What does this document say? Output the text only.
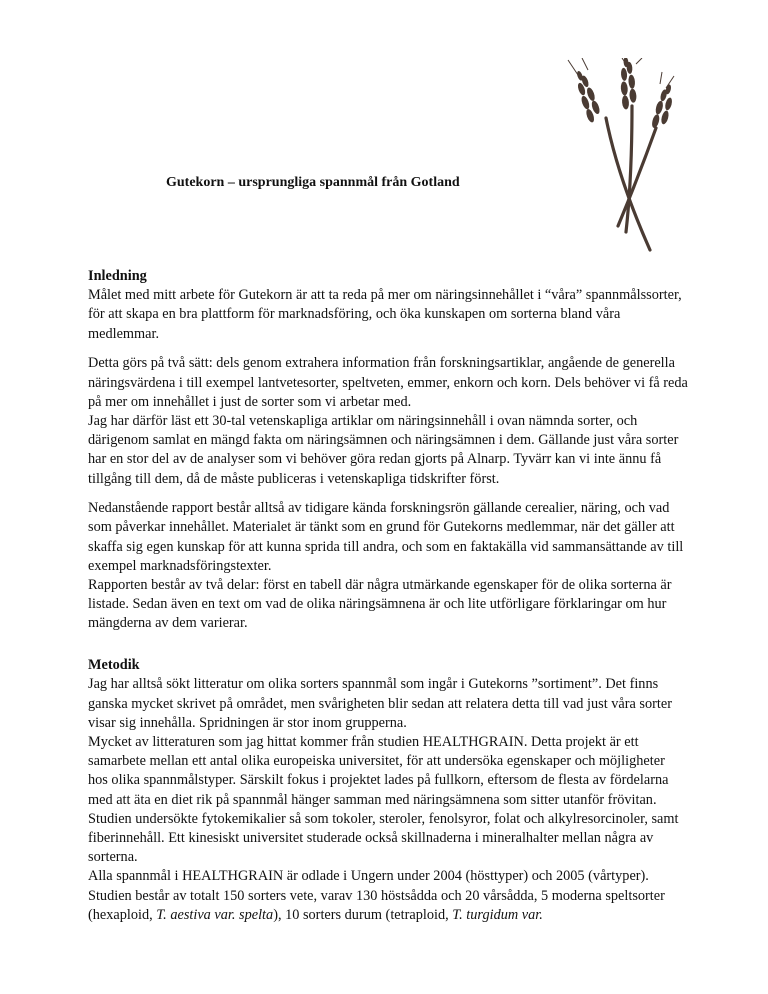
Gutekorn – ursprungliga spannmål från Gotland
Inledning

Målet med mitt arbete för Gutekorn är att ta reda på mer om näringsinnehållet i “våra” spannmålssorter, för att skapa en bra plattform för marknadsföring, och öka kunskapen om sorterna bland våra medlemmar.

Detta görs på två sätt: dels genom extrahera information från forskningsartiklar, angående de generella näringsvärdena i till exempel lantvetesorter, speltveten, emmer, enkorn och korn. Dels behöver vi få reda på mer om innehållet i just de sorter som vi arbetar med.
Jag har därför läst ett 30-tal vetenskapliga artiklar om näringsinnehåll i ovan nämnda sorter, och därigenom samlat en mängd fakta om näringsämnen och näringsämnen i dem. Gällande just våra sorter har en stor del av de analyser som vi behöver göra redan gjorts på Alnarp. Tyvärr kan vi inte ännu få tillgång till dem, då de måste publiceras i vetenskapliga tidskrifter först.

Nedanstående rapport består alltså av tidigare kända forskningsrön gällande cerealier, näring, och vad som påverkar innehållet. Materialet är tänkt som en grund för Gutekorns medlemmar, när det gäller att skaffa sig egen kunskap för att kunna sprida till andra, och som en faktakälla vid sammansättande av till exempel marknadsföringstexter.
Rapporten består av två delar: först en tabell där några utmärkande egenskaper för de olika sorterna är listade. Sedan även en text om vad de olika näringsämnena är och lite utförligare förklaringar om hur mängderna av dem varierar.

Metodik

Jag har alltså sökt litteratur om olika sorters spannmål som ingår i Gutekorns ”sortiment”. Det finns ganska mycket skrivet på området, men svårigheten blir sedan att relatera detta till vad just våra sorter visar sig innehålla. Spridningen är stor inom grupperna.
Mycket av litteraturen som jag hittat kommer från studien HEALTHGRAIN. Detta projekt är ett samarbete mellan ett antal olika europeiska universitet, för att undersöka egenskaper och möjligheter hos olika spannmålstyper. Särskilt fokus i projektet lades på fullkorn, eftersom de flesta av fördelarna med att äta en diet rik på spannmål hänger samman med näringsämnena som sitter utanför frövitan. Studien undersökte fytokemikalier så som tokoler, steroler, fenolsyror, folat och alkylresorcinoler, samt fiberinnehåll. Ett kinesiskt universitet studerade också skillnaderna i mineralhalter mellan några av sorterna.

Alla spannmål i HEALTHGRAIN är odlade i Ungern under 2004 (hösttyper) och 2005 (vårtyper). Studien består av totalt 150 sorters vete, varav 130 höstsådda och 20 vårsådda, 5 moderna speltsorter (hexaploid, T. aestiva var. spelta), 10 sorters durum (tetraploid, T. turgidum var.
